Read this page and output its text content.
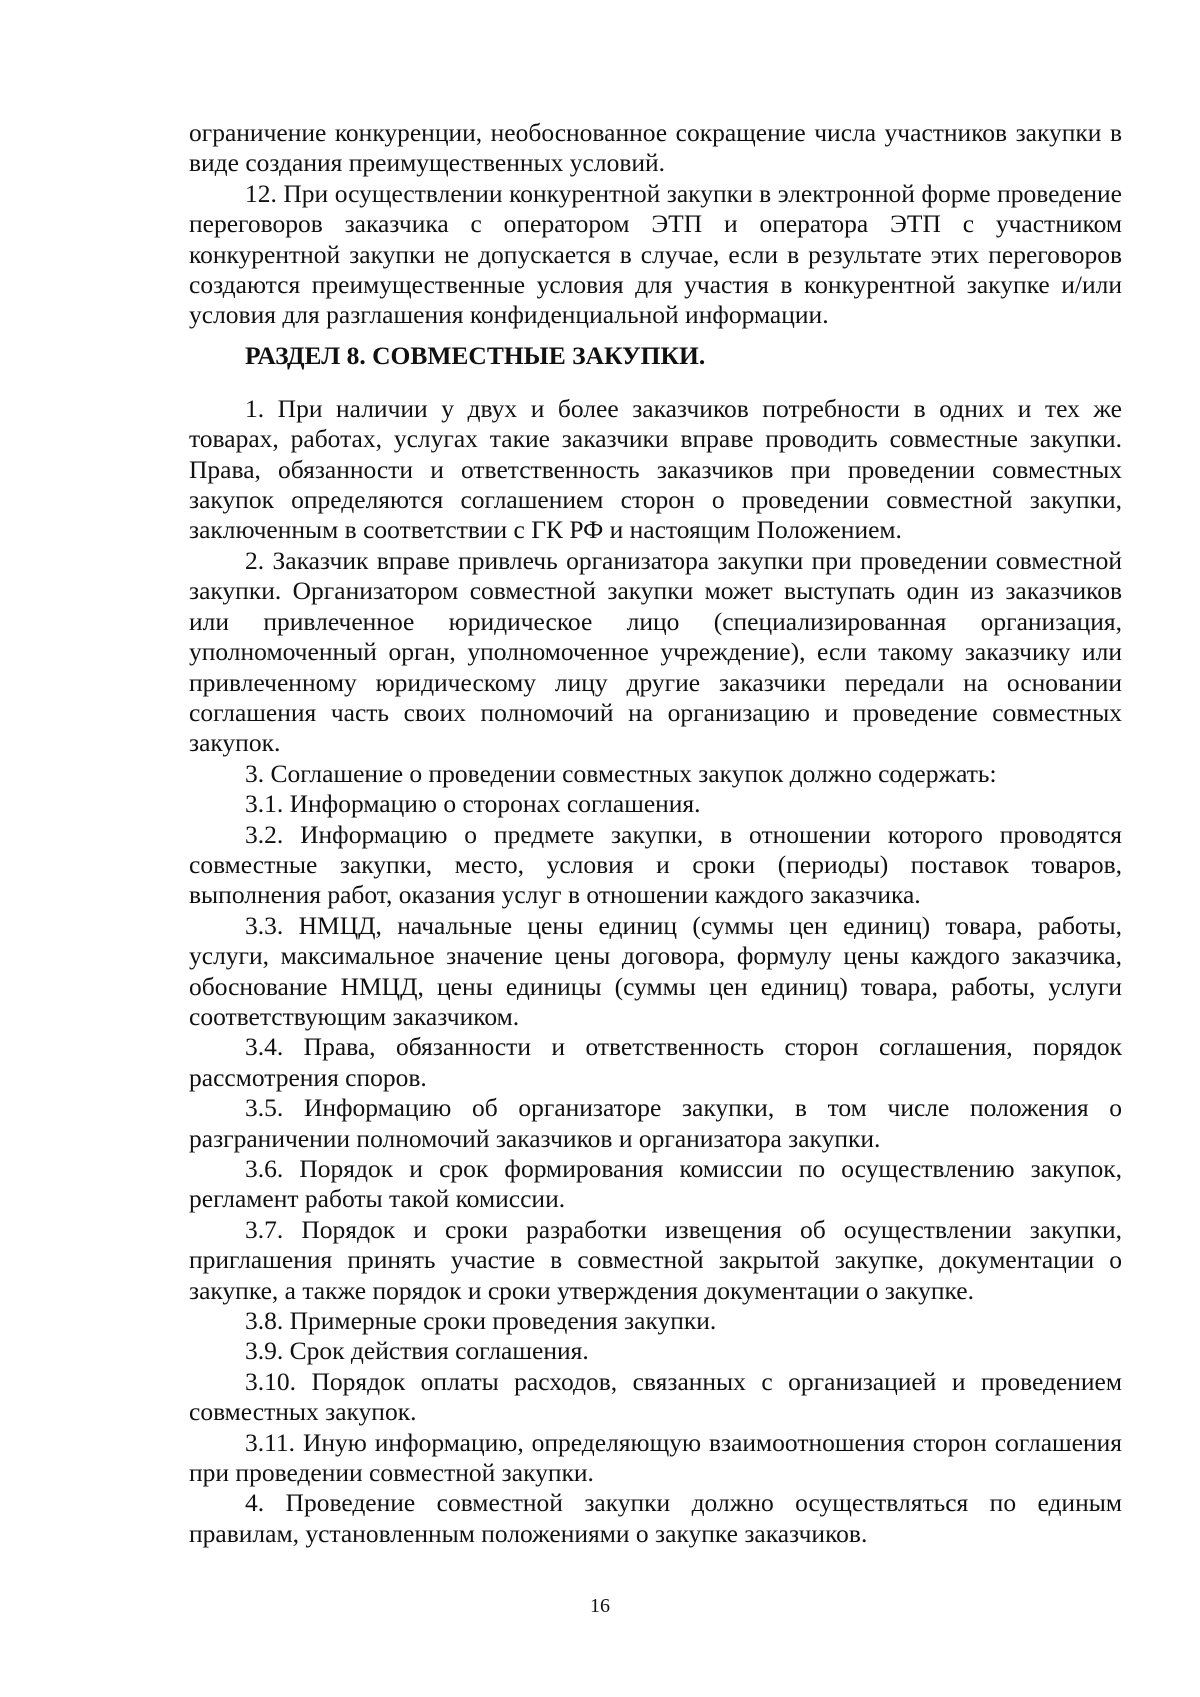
ограничение конкуренции, необоснованное сокращение числа участников закупки в виде создания преимущественных условий.

12. При осуществлении конкурентной закупки в электронной форме проведение переговоров заказчика с оператором ЭТП и оператора ЭТП с участником конкурентной закупки не допускается в случае, если в результате этих переговоров создаются преимущественные условия для участия в конкурентной закупке и/или условия для разглашения конфиденциальной информации.

РАЗДЕЛ 8. СОВМЕСТНЫЕ ЗАКУПКИ.

1. При наличии у двух и более заказчиков потребности в одних и тех же товарах, работах, услугах такие заказчики вправе проводить совместные закупки. Права, обязанности и ответственность заказчиков при проведении совместных закупок определяются соглашением сторон о проведении совместной закупки, заключенным в соответствии с ГК РФ и настоящим Положением.

2. Заказчик вправе привлечь организатора закупки при проведении совместной закупки. Организатором совместной закупки может выступать один из заказчиков или привлеченное юридическое лицо (специализированная организация, уполномоченный орган, уполномоченное учреждение), если такому заказчику или привлеченному юридическому лицу другие заказчики передали на основании соглашения часть своих полномочий на организацию и проведение совместных закупок.

3. Соглашение о проведении совместных закупок должно содержать:

3.1. Информацию о сторонах соглашения.

3.2. Информацию о предмете закупки, в отношении которого проводятся совместные закупки, место, условия и сроки (периоды) поставок товаров, выполнения работ, оказания услуг в отношении каждого заказчика.

3.3. НМЦД, начальные цены единиц (суммы цен единиц) товара, работы, услуги, максимальное значение цены договора, формулу цены каждого заказчика, обоснование НМЦД, цены единицы (суммы цен единиц) товара, работы, услуги соответствующим заказчиком.

3.4. Права, обязанности и ответственность сторон соглашения, порядок рассмотрения споров.

3.5. Информацию об организаторе закупки, в том числе положения о разграничении полномочий заказчиков и организатора закупки.

3.6. Порядок и срок формирования комиссии по осуществлению закупок, регламент работы такой комиссии.

3.7. Порядок и сроки разработки извещения об осуществлении закупки, приглашения принять участие в совместной закрытой закупке, документации о закупке, а также порядок и сроки утверждения документации о закупке.

3.8. Примерные сроки проведения закупки.

3.9. Срок действия соглашения.

3.10. Порядок оплаты расходов, связанных с организацией и проведением совместных закупок.

3.11. Иную информацию, определяющую взаимоотношения сторон соглашения при проведении совместной закупки.

4. Проведение совместной закупки должно осуществляться по единым правилам, установленным положениями о закупке заказчиков.

16
